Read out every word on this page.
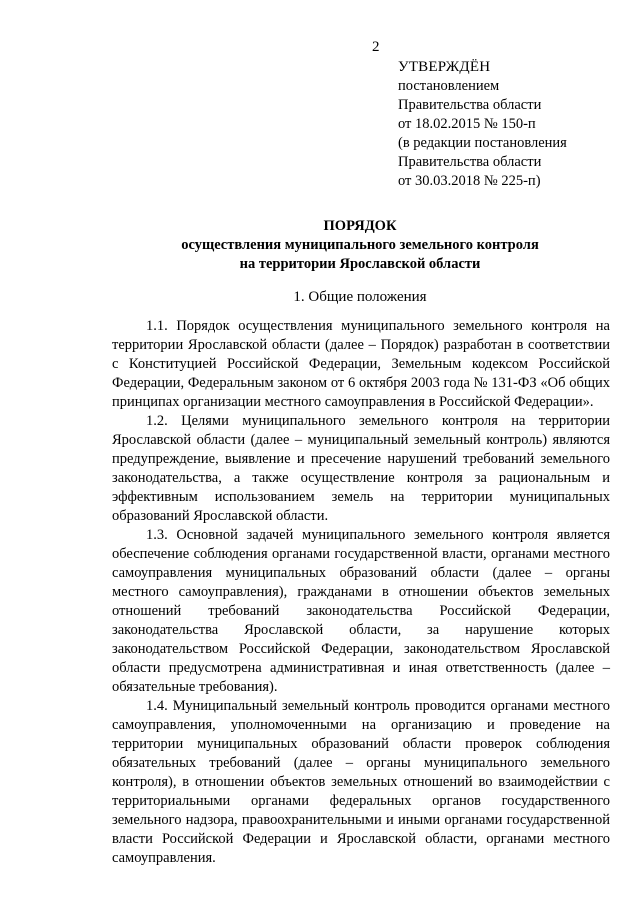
2
УТВЕРЖДЁН
постановлением
Правительства области
от 18.02.2015 № 150-п
(в редакции постановления
Правительства области
от 30.03.2018 № 225-п)
ПОРЯДОК
осуществления муниципального земельного контроля
на территории Ярославской области
1. Общие положения

1.1. Порядок осуществления муниципального земельного контроля на территории Ярославской области (далее – Порядок) разработан в соответствии с Конституцией Российской Федерации, Земельным кодексом Российской Федерации, Федеральным законом от 6 октября 2003 года № 131-ФЗ «Об общих принципах организации местного самоуправления в Российской Федерации».

1.2. Целями муниципального земельного контроля на территории Ярославской области (далее – муниципальный земельный контроль) являются предупреждение, выявление и пресечение нарушений требований земельного законодательства, а также осуществление контроля за рациональным и эффективным использованием земель на территории муниципальных образований Ярославской области.

1.3. Основной задачей муниципального земельного контроля является обеспечение соблюдения органами государственной власти, органами местного самоуправления муниципальных образований области (далее – органы местного самоуправления), гражданами в отношении объектов земельных отношений требований законодательства Российской Федерации, законодательства Ярославской области, за нарушение которых законодательством Российской Федерации, законодательством Ярославской области предусмотрена административная и иная ответственность (далее – обязательные требования).

1.4. Муниципальный земельный контроль проводится органами местного самоуправления, уполномоченными на организацию и проведение на территории муниципальных образований области проверок соблюдения обязательных требований (далее – органы муниципального земельного контроля), в отношении объектов земельных отношений во взаимодействии с территориальными органами федеральных органов государственного земельного надзора, правоохранительными и иными органами государственной власти Российской Федерации и Ярославской области, органами местного самоуправления.
